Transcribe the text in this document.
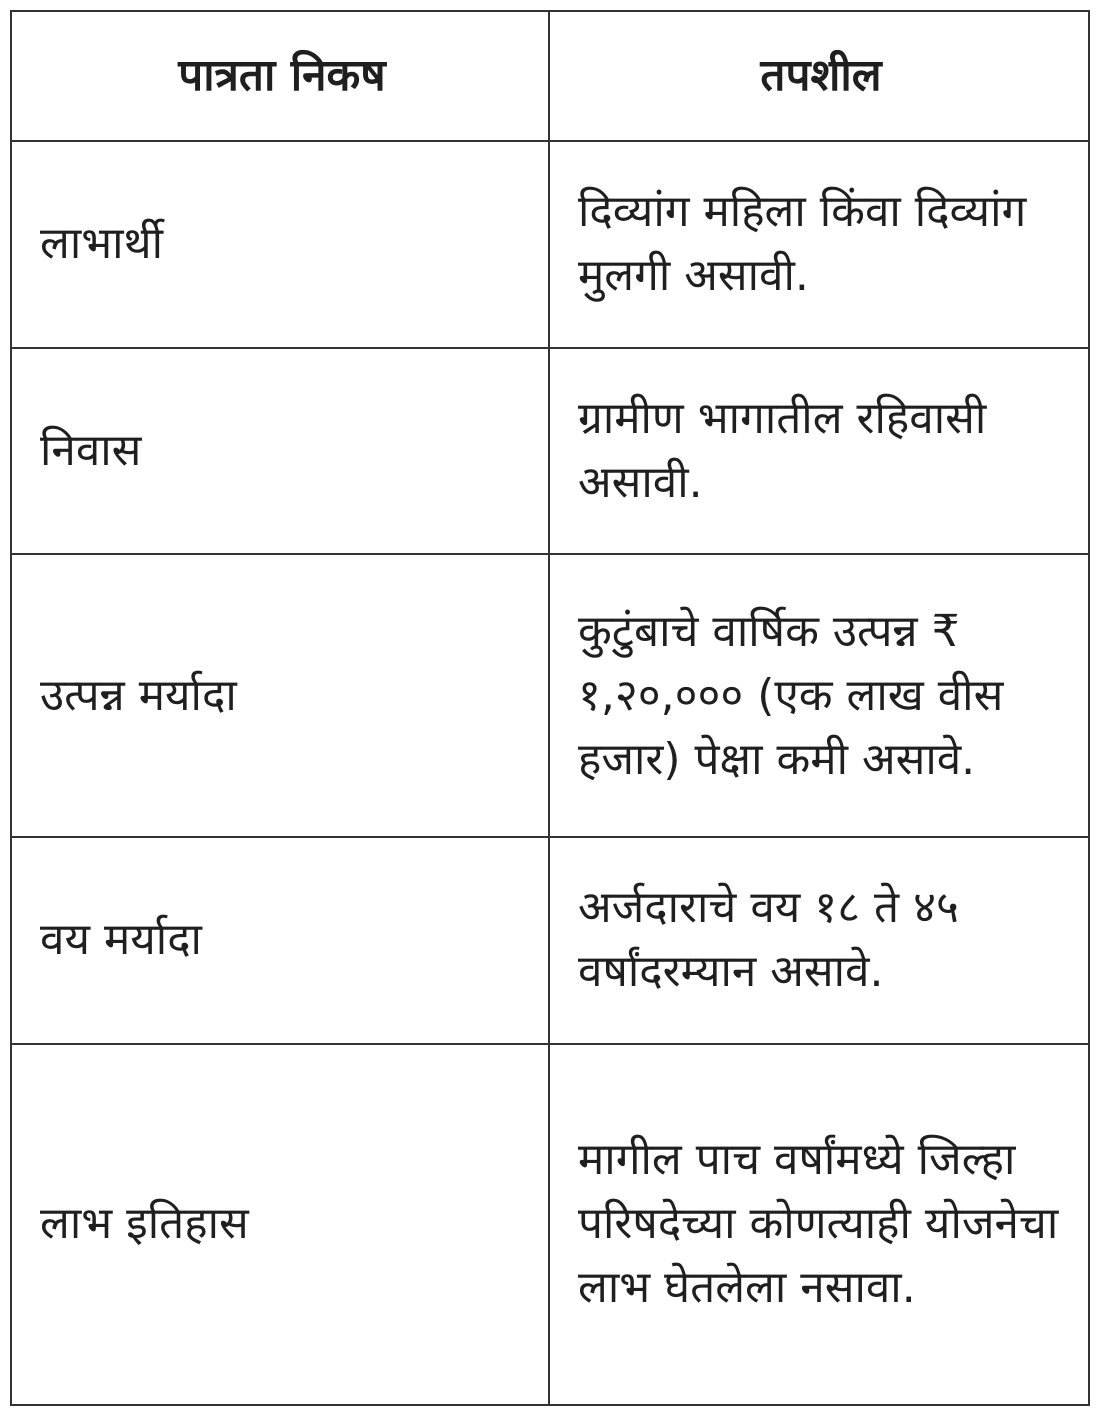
पात्रता निकष	तपशील
लाभार्थी	दिव्यांग महिला किंवा दिव्यांग मुलगी असावी.
निवास	ग्रामीण भागातील रहिवासी असावी.
उत्पन्न मर्यादा	कुटुंबाचे वार्षिक उत्पन्न ₹ १,२०,००० (एक लाख वीस हजार) पेक्षा कमी असावे.
वय मर्यादा	अर्जदाराचे वय १८ ते ४५ वर्षांदरम्यान असावे.
लाभ इतिहास	मागील पाच वर्षांमध्ये जिल्हा परिषदेच्या कोणत्याही योजनेचा लाभ घेतलेला नसावा.
